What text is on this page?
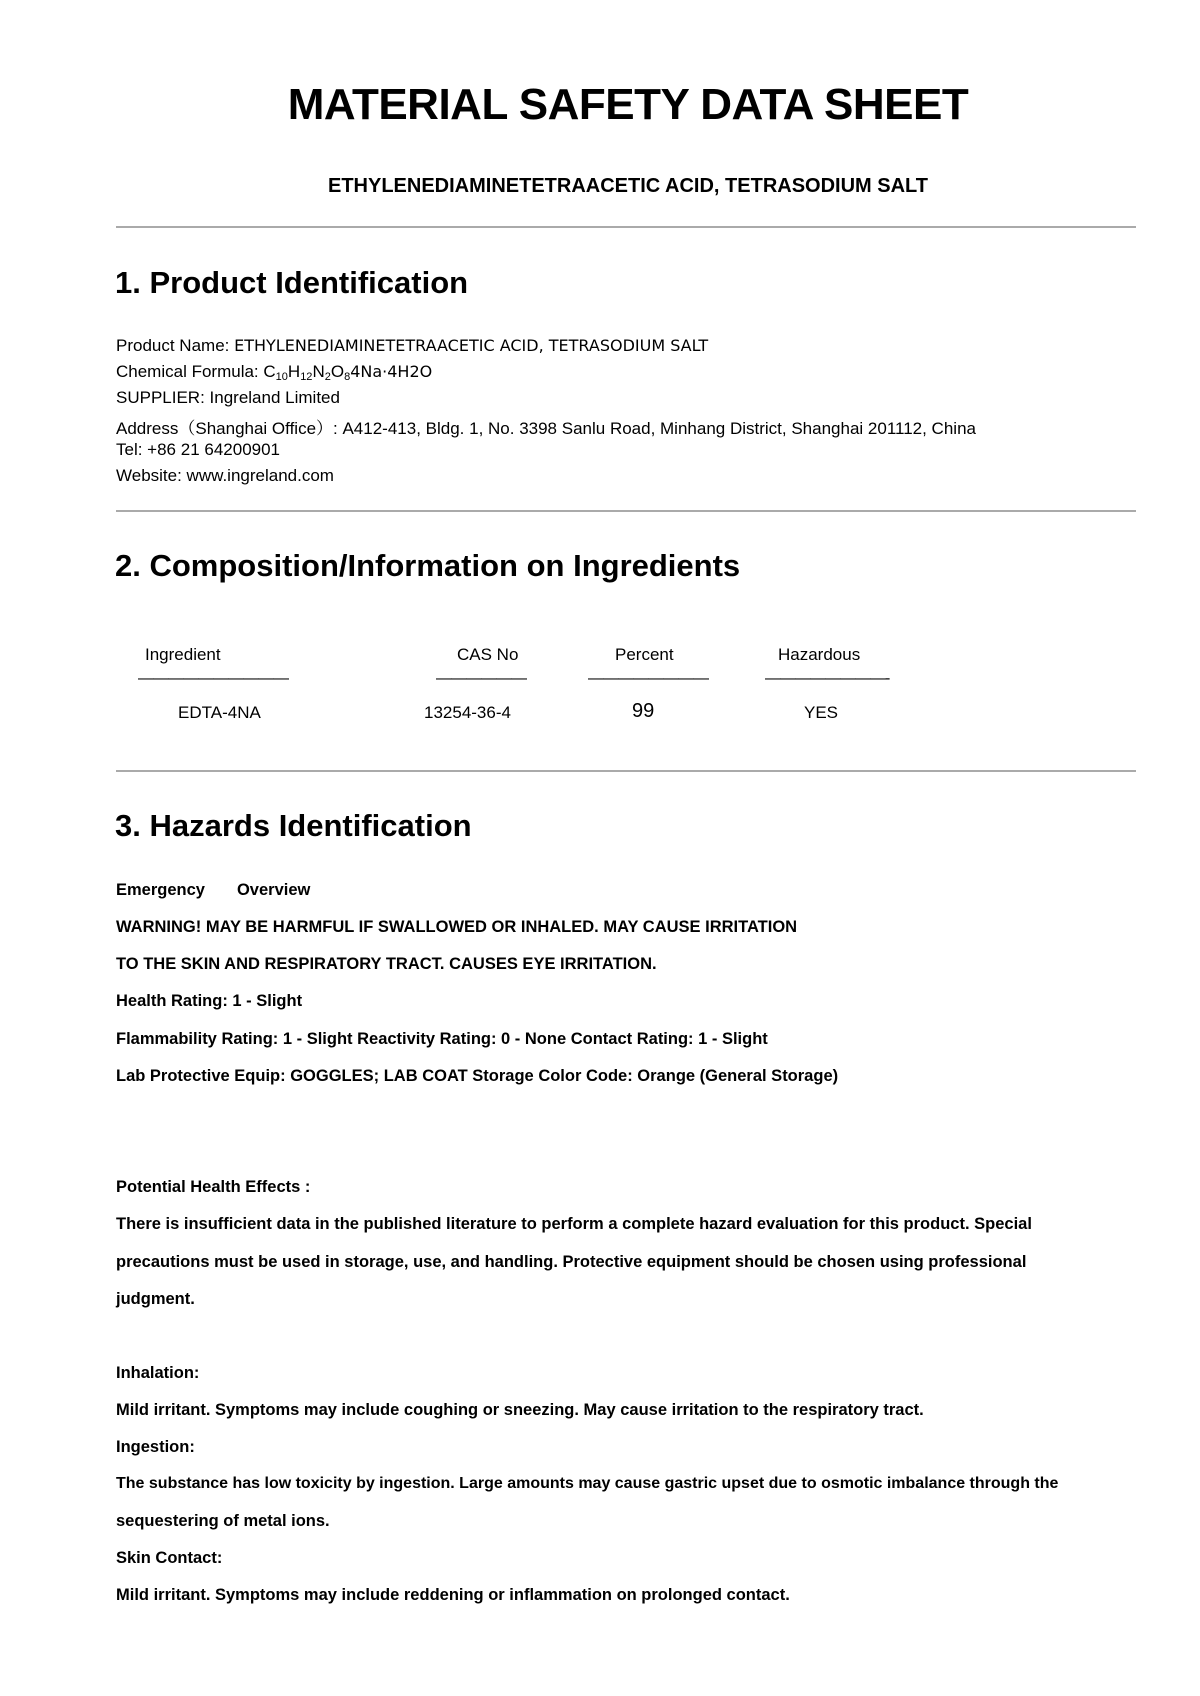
MATERIAL SAFETY DATA SHEET
ETHYLENEDIAMINETETRAACETIC ACID, TETRASODIUM SALT
1. Product Identification
Product Name: ETHYLENEDIAMINETETRAACETIC ACID, TETRASODIUM SALT
Chemical Formula: $C_{10}H_{12}N_2O_84Na\cdot 4H2O$
SUPPLIER: Ingreland Limited
Address（Shanghai Office）: A412-413, Bldg. 1, No. 3398 Sanlu Road, Minhang District, Shanghai 201112, China
Tel: +86 21 64200901
Website: www.ingreland.com
2. Composition/Information on Ingredients
Ingredient	CAS No	Percent	Hazardous
——————————	——————	————————	————————-
EDTA-4NA	13254-36-4	99	YES
3. Hazards Identification
Emergency Overview
WARNING! MAY BE HARMFUL IF SWALLOWED OR INHALED. MAY CAUSE IRRITATION
TO THE SKIN AND RESPIRATORY TRACT. CAUSES EYE IRRITATION.
Health Rating: 1 - Slight
Flammability Rating: 1 - Slight Reactivity Rating: 0 - None Contact Rating: 1 - Slight
Lab Protective Equip: GOGGLES; LAB COAT Storage Color Code: Orange (General Storage)
Potential Health Effects :
There is insufficient data in the published literature to perform a complete hazard evaluation for this product. Special
precautions must be used in storage, use, and handling. Protective equipment should be chosen using professional
judgment.
Inhalation:
Mild irritant. Symptoms may include coughing or sneezing. May cause irritation to the respiratory tract.
Ingestion:
The substance has low toxicity by ingestion. Large amounts may cause gastric upset due to osmotic imbalance through the
sequestering of metal ions.
Skin Contact:
Mild irritant. Symptoms may include reddening or inflammation on prolonged contact.
